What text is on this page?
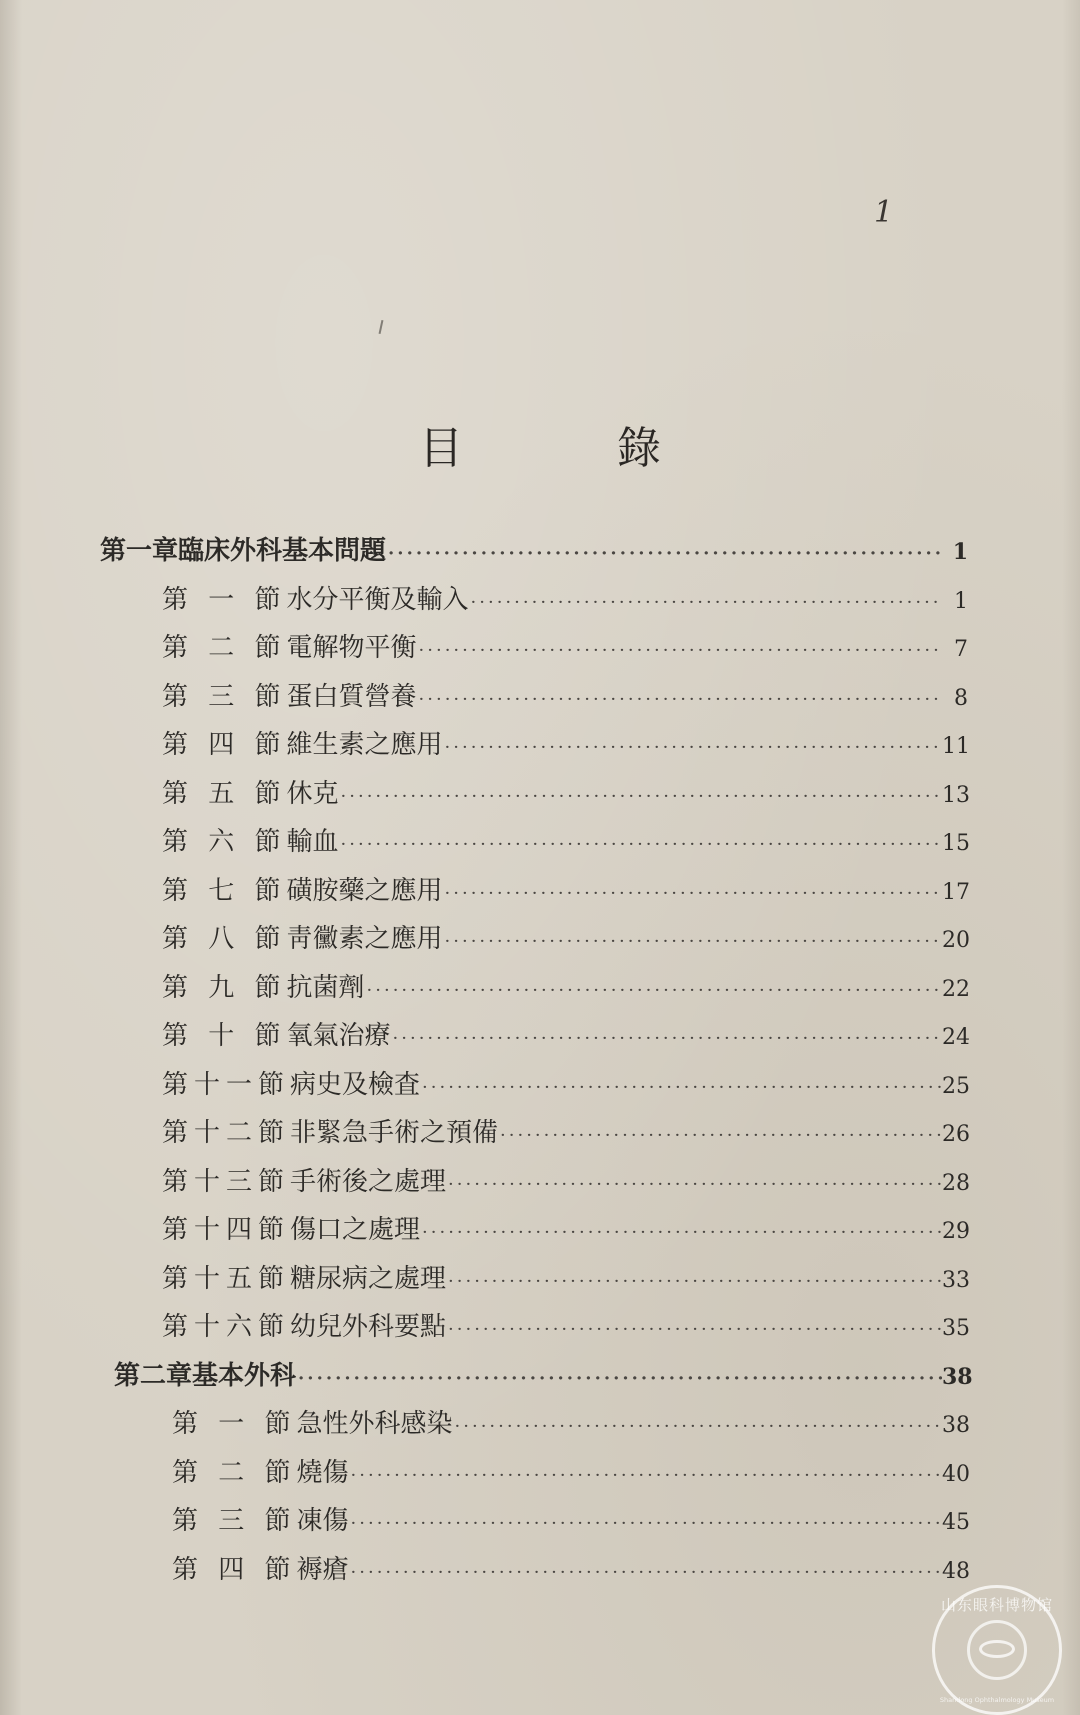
1
目 錄
第一章 臨床外科基本問題 ·····	1
第 一 節 水分平衡及輸入 ·····	1
第 二 節 電解物平衡 ·····	7
第 三 節 蛋白質營養 ·····	8
第 四 節 維生素之應用 ·····	11
第 五 節 休克 ·····	13
第 六 節 輸血 ·····	15
第 七 節 磺胺藥之應用 ·····	17
第 八 節 靑黴素之應用 ·····	20
第 九 節 抗菌劑 ·····	22
第 十 節 氧氣治療 ·····	24
第十一節 病史及檢査 ·····	25
第十二節 非緊急手術之預備 ·····	26
第十三節 手術後之處理 ·····	28
第十四節 傷口之處理 ·····	29
第十五節 糖尿病之處理 ·····	33
第十六節 幼兒外科要點 ·····	35
第二章 基本外科 ·····	38
第 一 節 急性外科感染 ·····	38
第 二 節 燒傷 ·····	40
第 三 節 凍傷 ·····	45
第 四 節 褥瘡 ·····	48
山东眼科博物馆
Shandong Ophthalmology Museum
